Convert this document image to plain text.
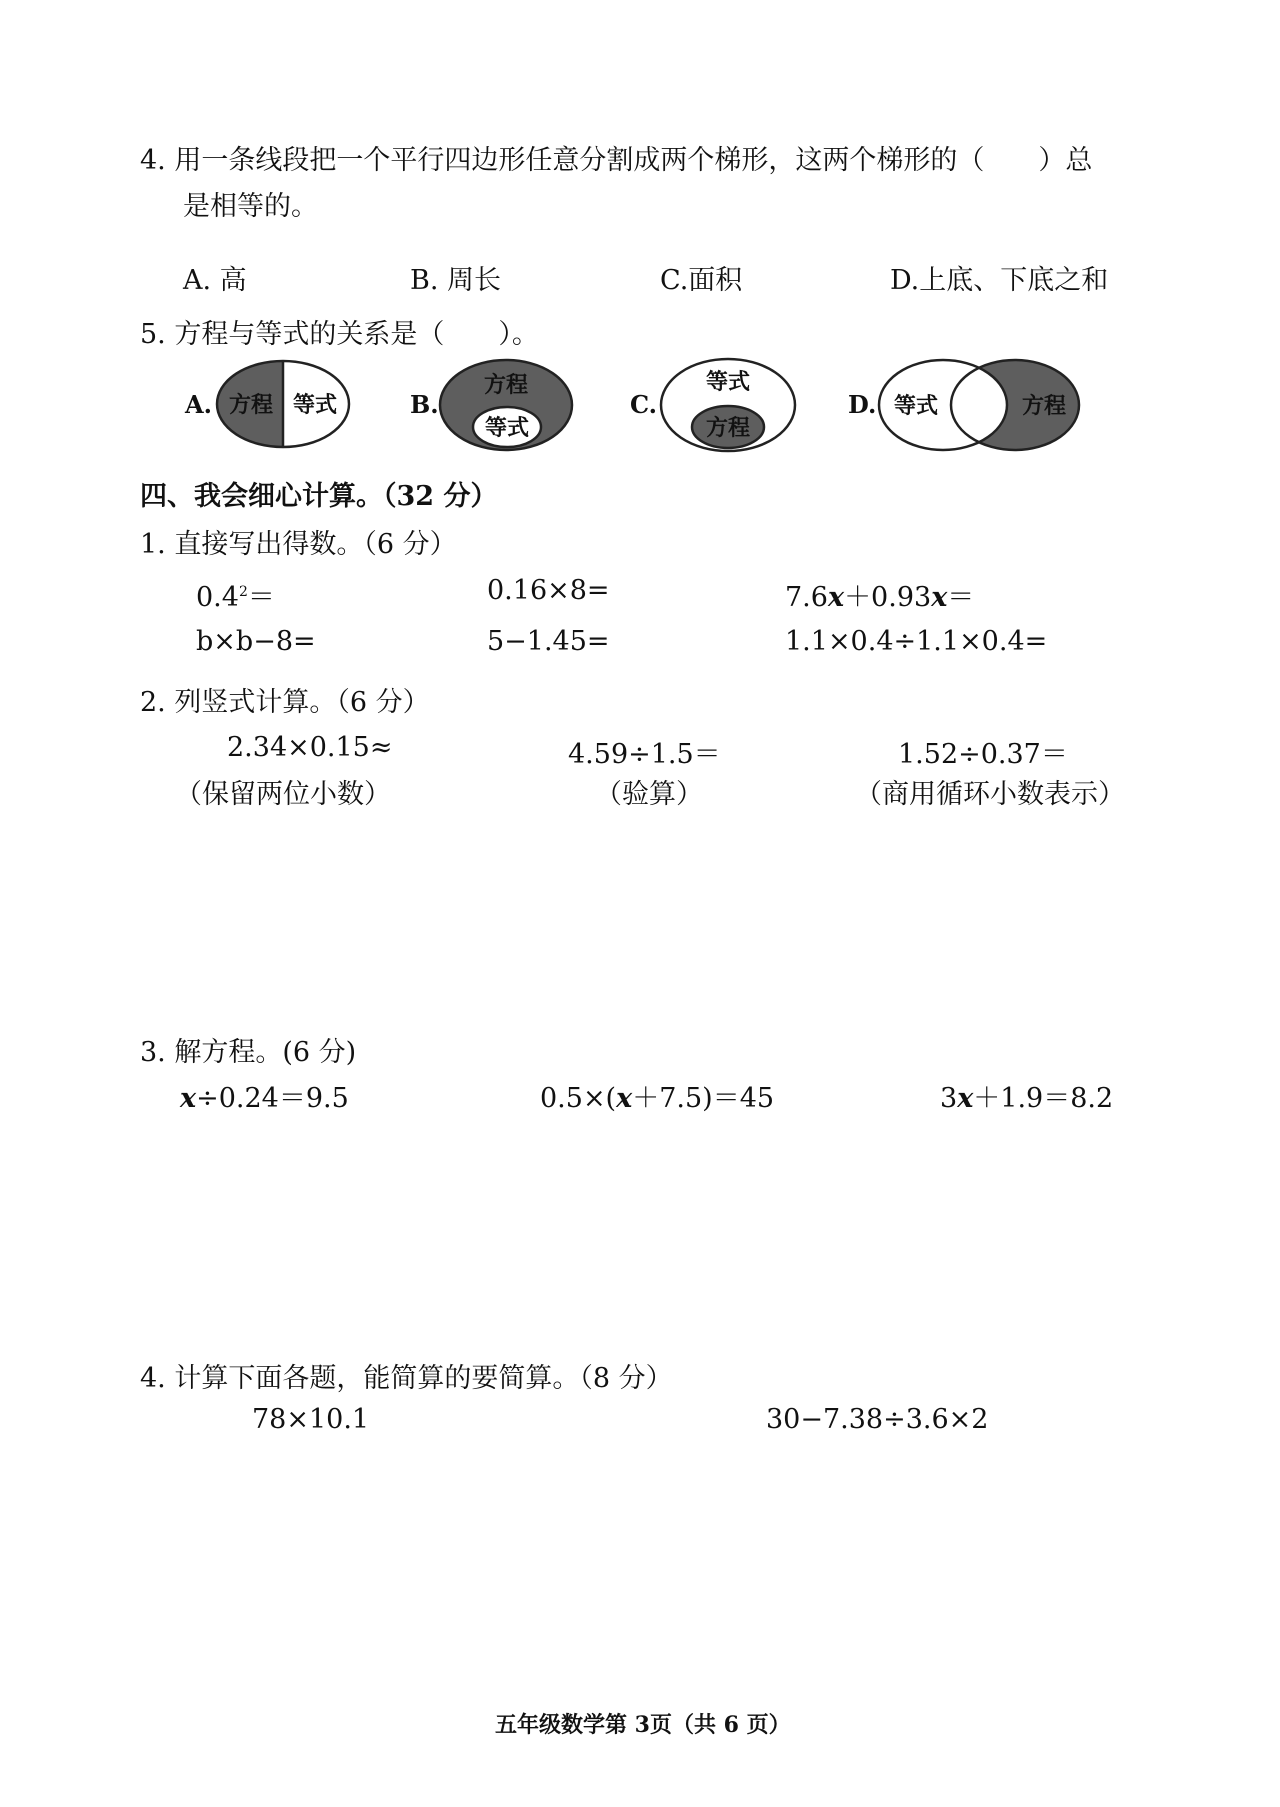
4. 用一条线段把一个平行四边形任意分割成两个梯形，这两个梯形的（　　）总
是相等的。
A. 高	B. 周长	C.面积	D.上底、下底之和
5. 方程与等式的关系是（　　）。
A. 方程 等式	B.
方程
等式
C.
等式
方程
D. 等式	方程
四、我会细心计算。（32 分）
1. 直接写出得数。（6 分）
$0.4^2=$	0.16×8=	7.6x＋0.93x＝
b×b−8=	5−1.45=	1.1×0.4÷1.1×0.4=
2. 列竖式计算。（6 分）
2.34×0.15≈	4.59÷1.5＝	1.52÷0.37＝
（保留两位小数）	（验算）	（商用循环小数表示）
3. 解方程。(6 分)
x÷0.24＝9.5	0.5×(x＋7.5)＝45	3x＋1.9＝8.2
4. 计算下面各题，能简算的要简算。（8 分）
78×10.1	30−7.38÷3.6×2
五年级数学第 3页（共 6 页）
